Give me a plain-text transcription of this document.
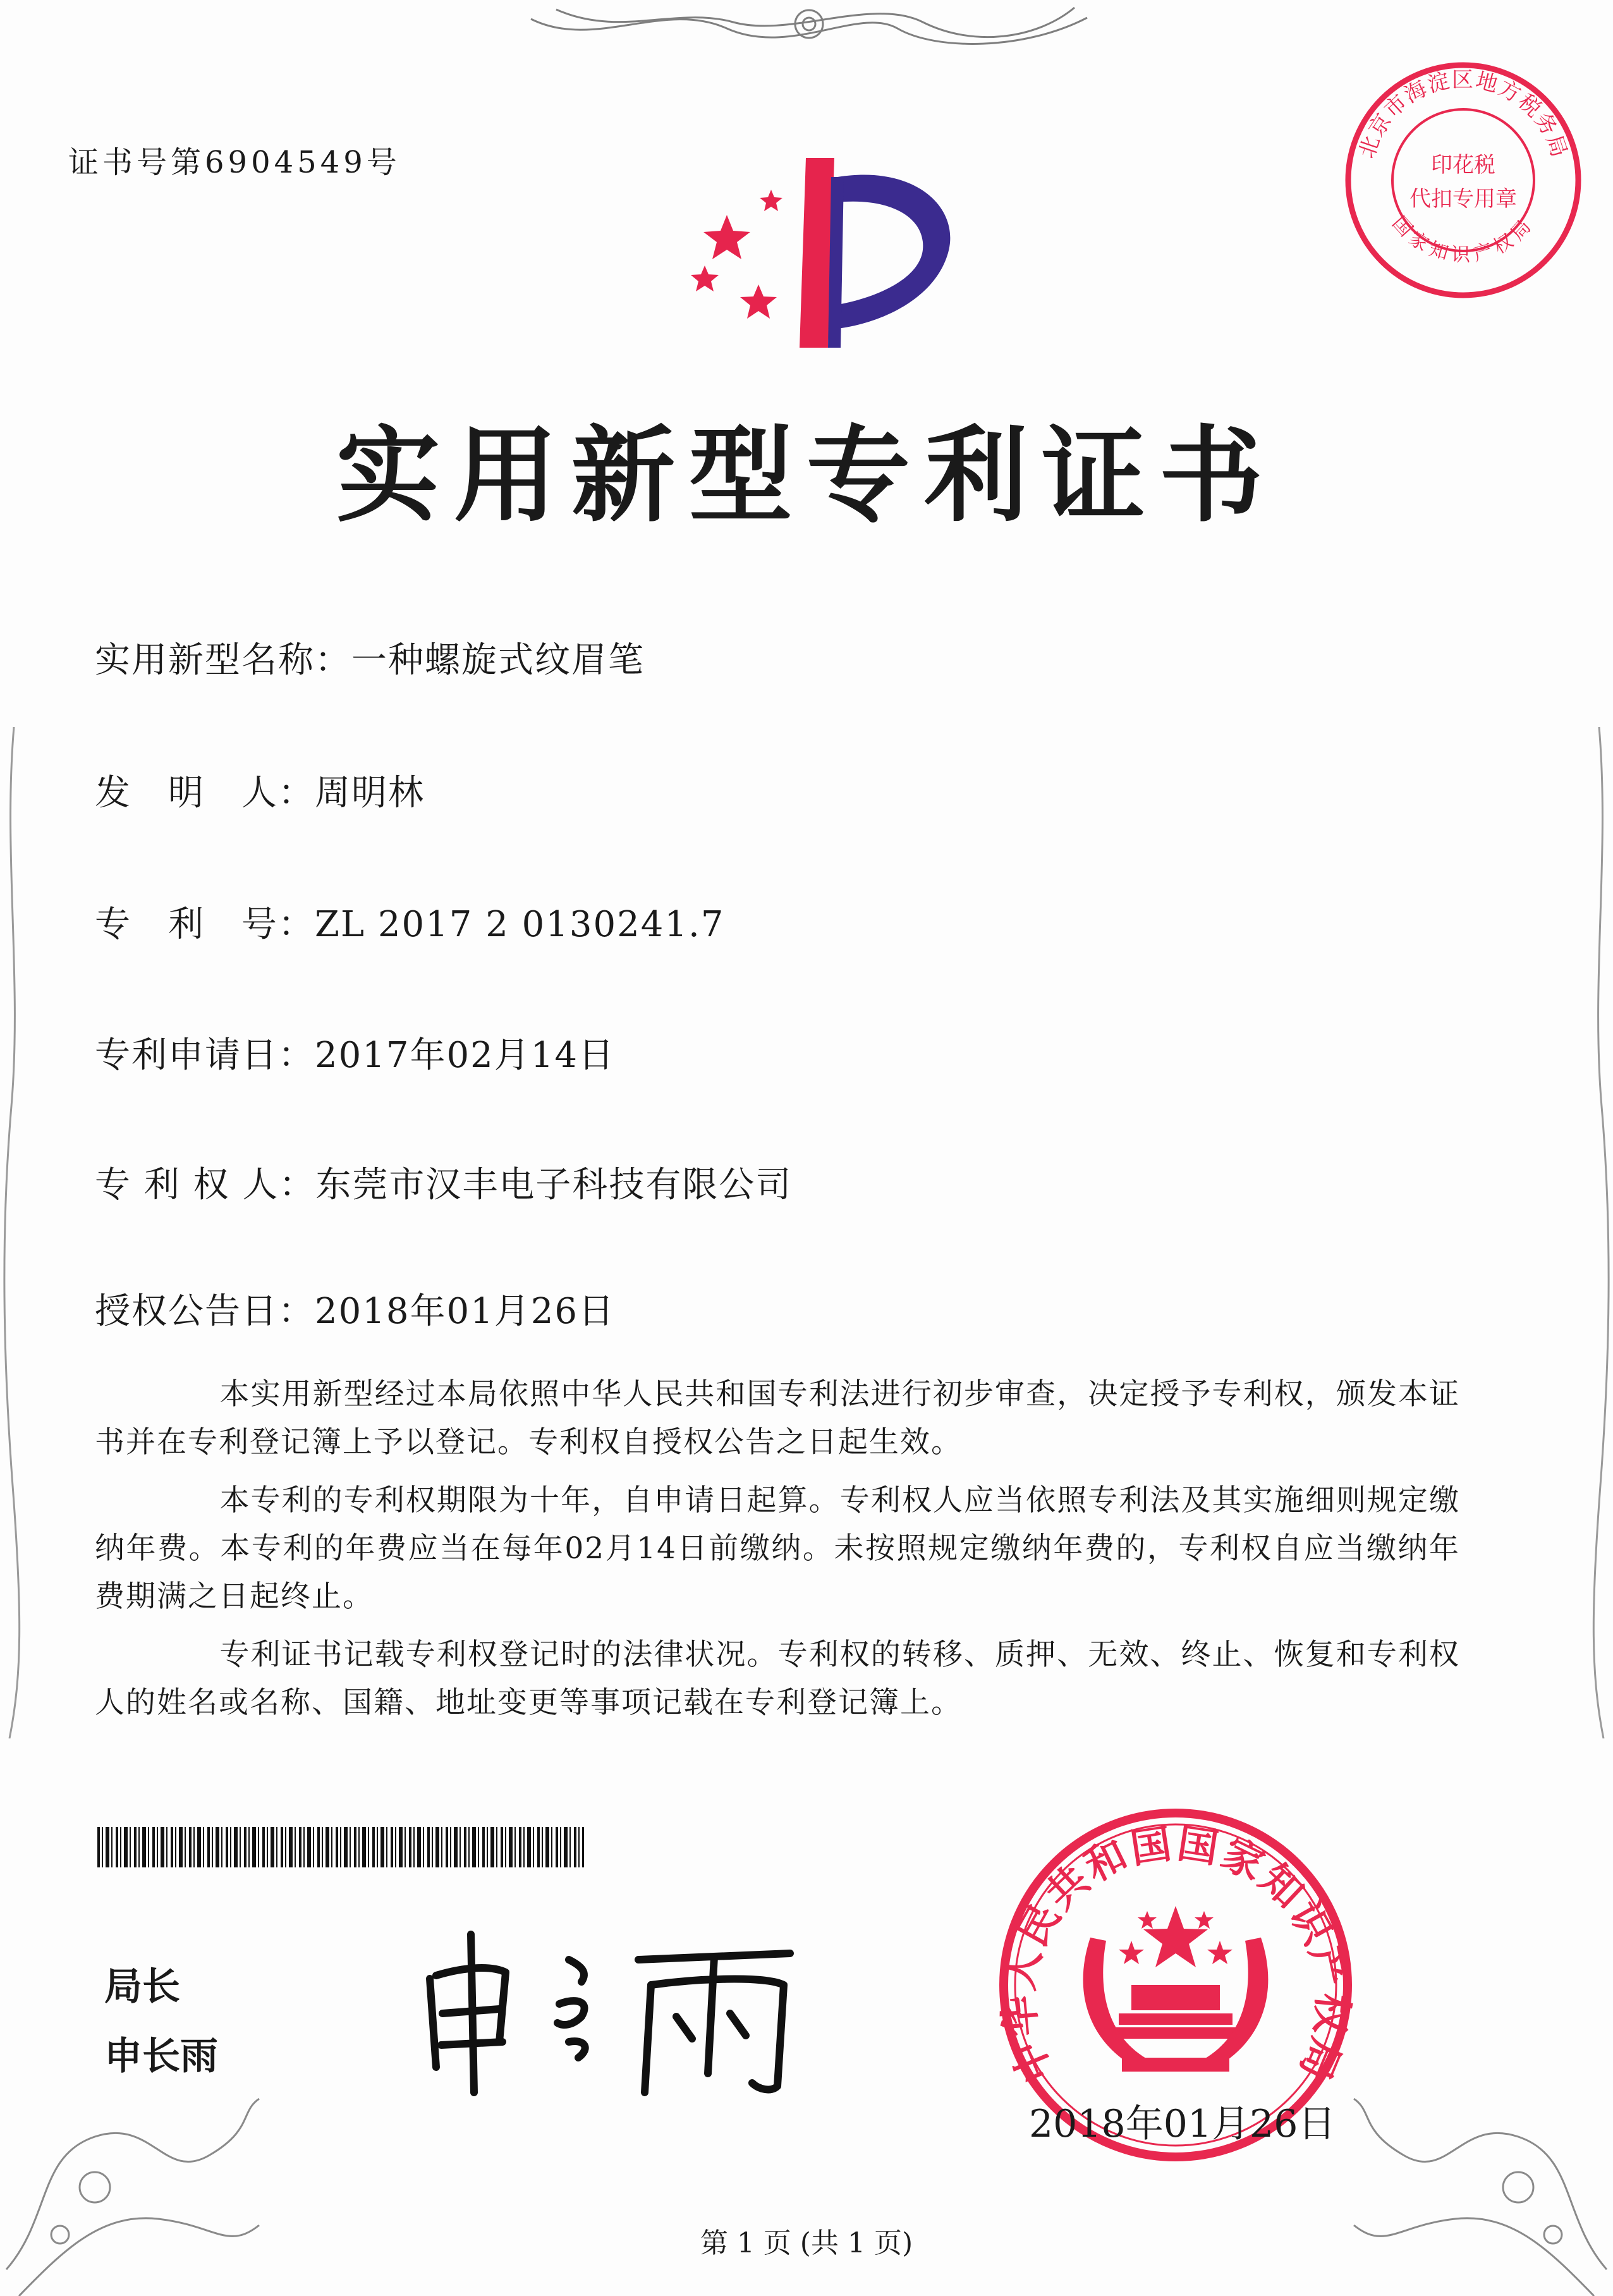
证书号第6904549号
实用新型专利证书
实用新型名称：一种螺旋式纹眉笔
发　明　人：周明林
专　利　号：ZL 2017 2 0130241.7
专利申请日：2017年02月14日
专 利 权 人：东莞市汉丰电子科技有限公司
授权公告日：2018年01月26日
本实用新型经过本局依照中华人民共和国专利法进行初步审查，决定授予专利权，颁发本证书并在专利登记簿上予以登记。专利权自授权公告之日起生效。
本专利的专利权期限为十年，自申请日起算。专利权人应当依照专利法及其实施细则规定缴纳年费。本专利的年费应当在每年02月14日前缴纳。未按照规定缴纳年费的，专利权自应当缴纳年费期满之日起终止。
专利证书记载专利权登记时的法律状况。专利权的转移、质押、无效、终止、恢复和专利权人的姓名或名称、国籍、地址变更等事项记载在专利登记簿上。
局长
申长雨	中华人民共和国国家知识产权局
2018年01月26日
北京市海淀区地方税务局
国家知识产权局
印花税
代扣专用章
第 1 页 (共 1 页)
